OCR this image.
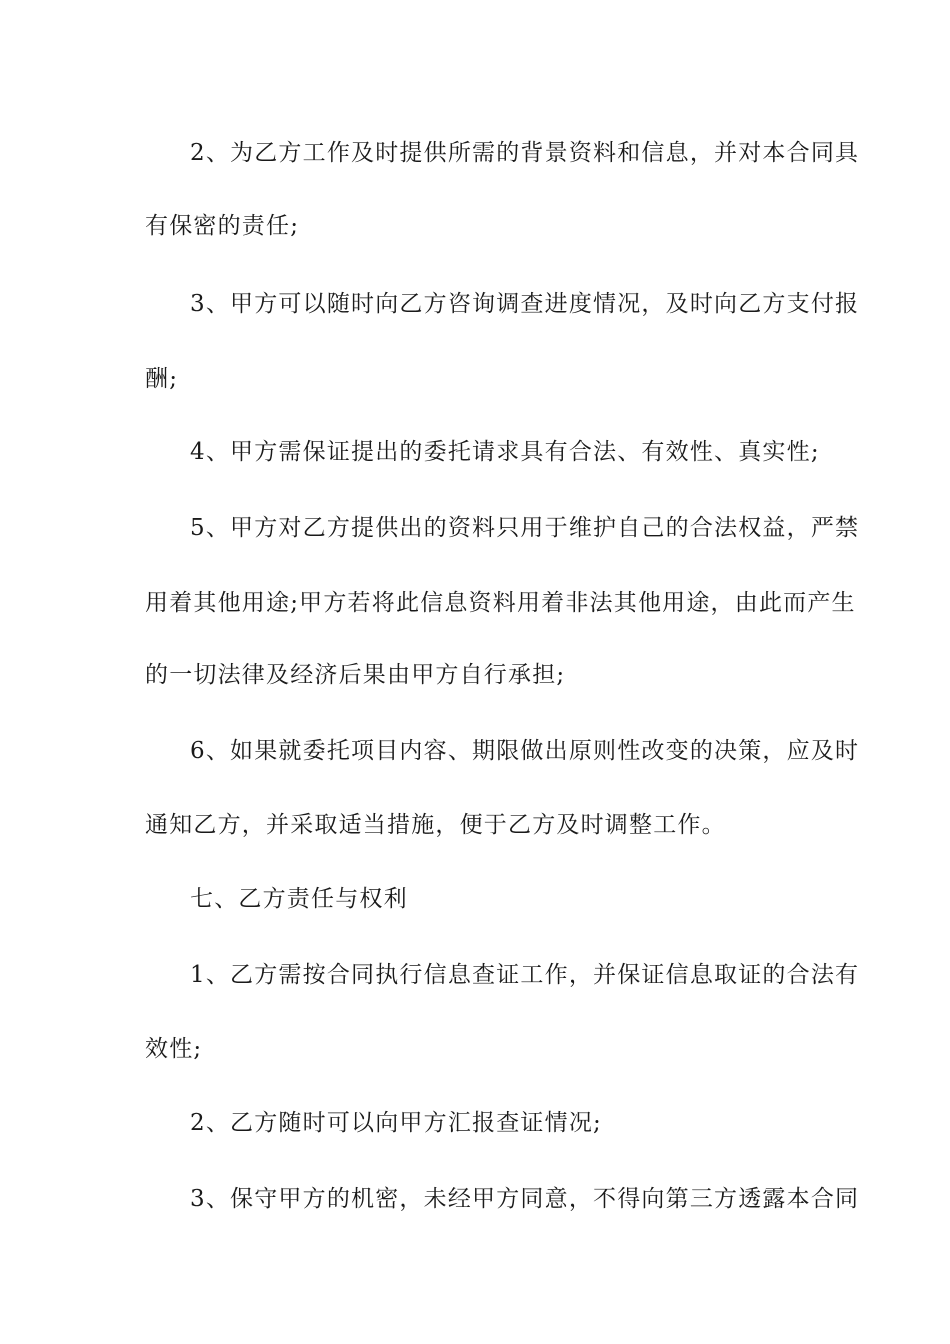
2、为乙方工作及时提供所需的背景资料和信息，并对本合同具
有保密的责任;
3、甲方可以随时向乙方咨询调查进度情况，及时向乙方支付报
酬;
4、甲方需保证提出的委托请求具有合法、有效性、真实性;
5、甲方对乙方提供出的资料只用于维护自己的合法权益，严禁
用着其他用途;甲方若将此信息资料用着非法其他用途，由此而产生
的一切法律及经济后果由甲方自行承担;
6、如果就委托项目内容、期限做出原则性改变的决策，应及时
通知乙方，并采取适当措施，便于乙方及时调整工作。
七、乙方责任与权利
1、乙方需按合同执行信息查证工作，并保证信息取证的合法有
效性;
2、乙方随时可以向甲方汇报查证情况;
3、保守甲方的机密，未经甲方同意，不得向第三方透露本合同
